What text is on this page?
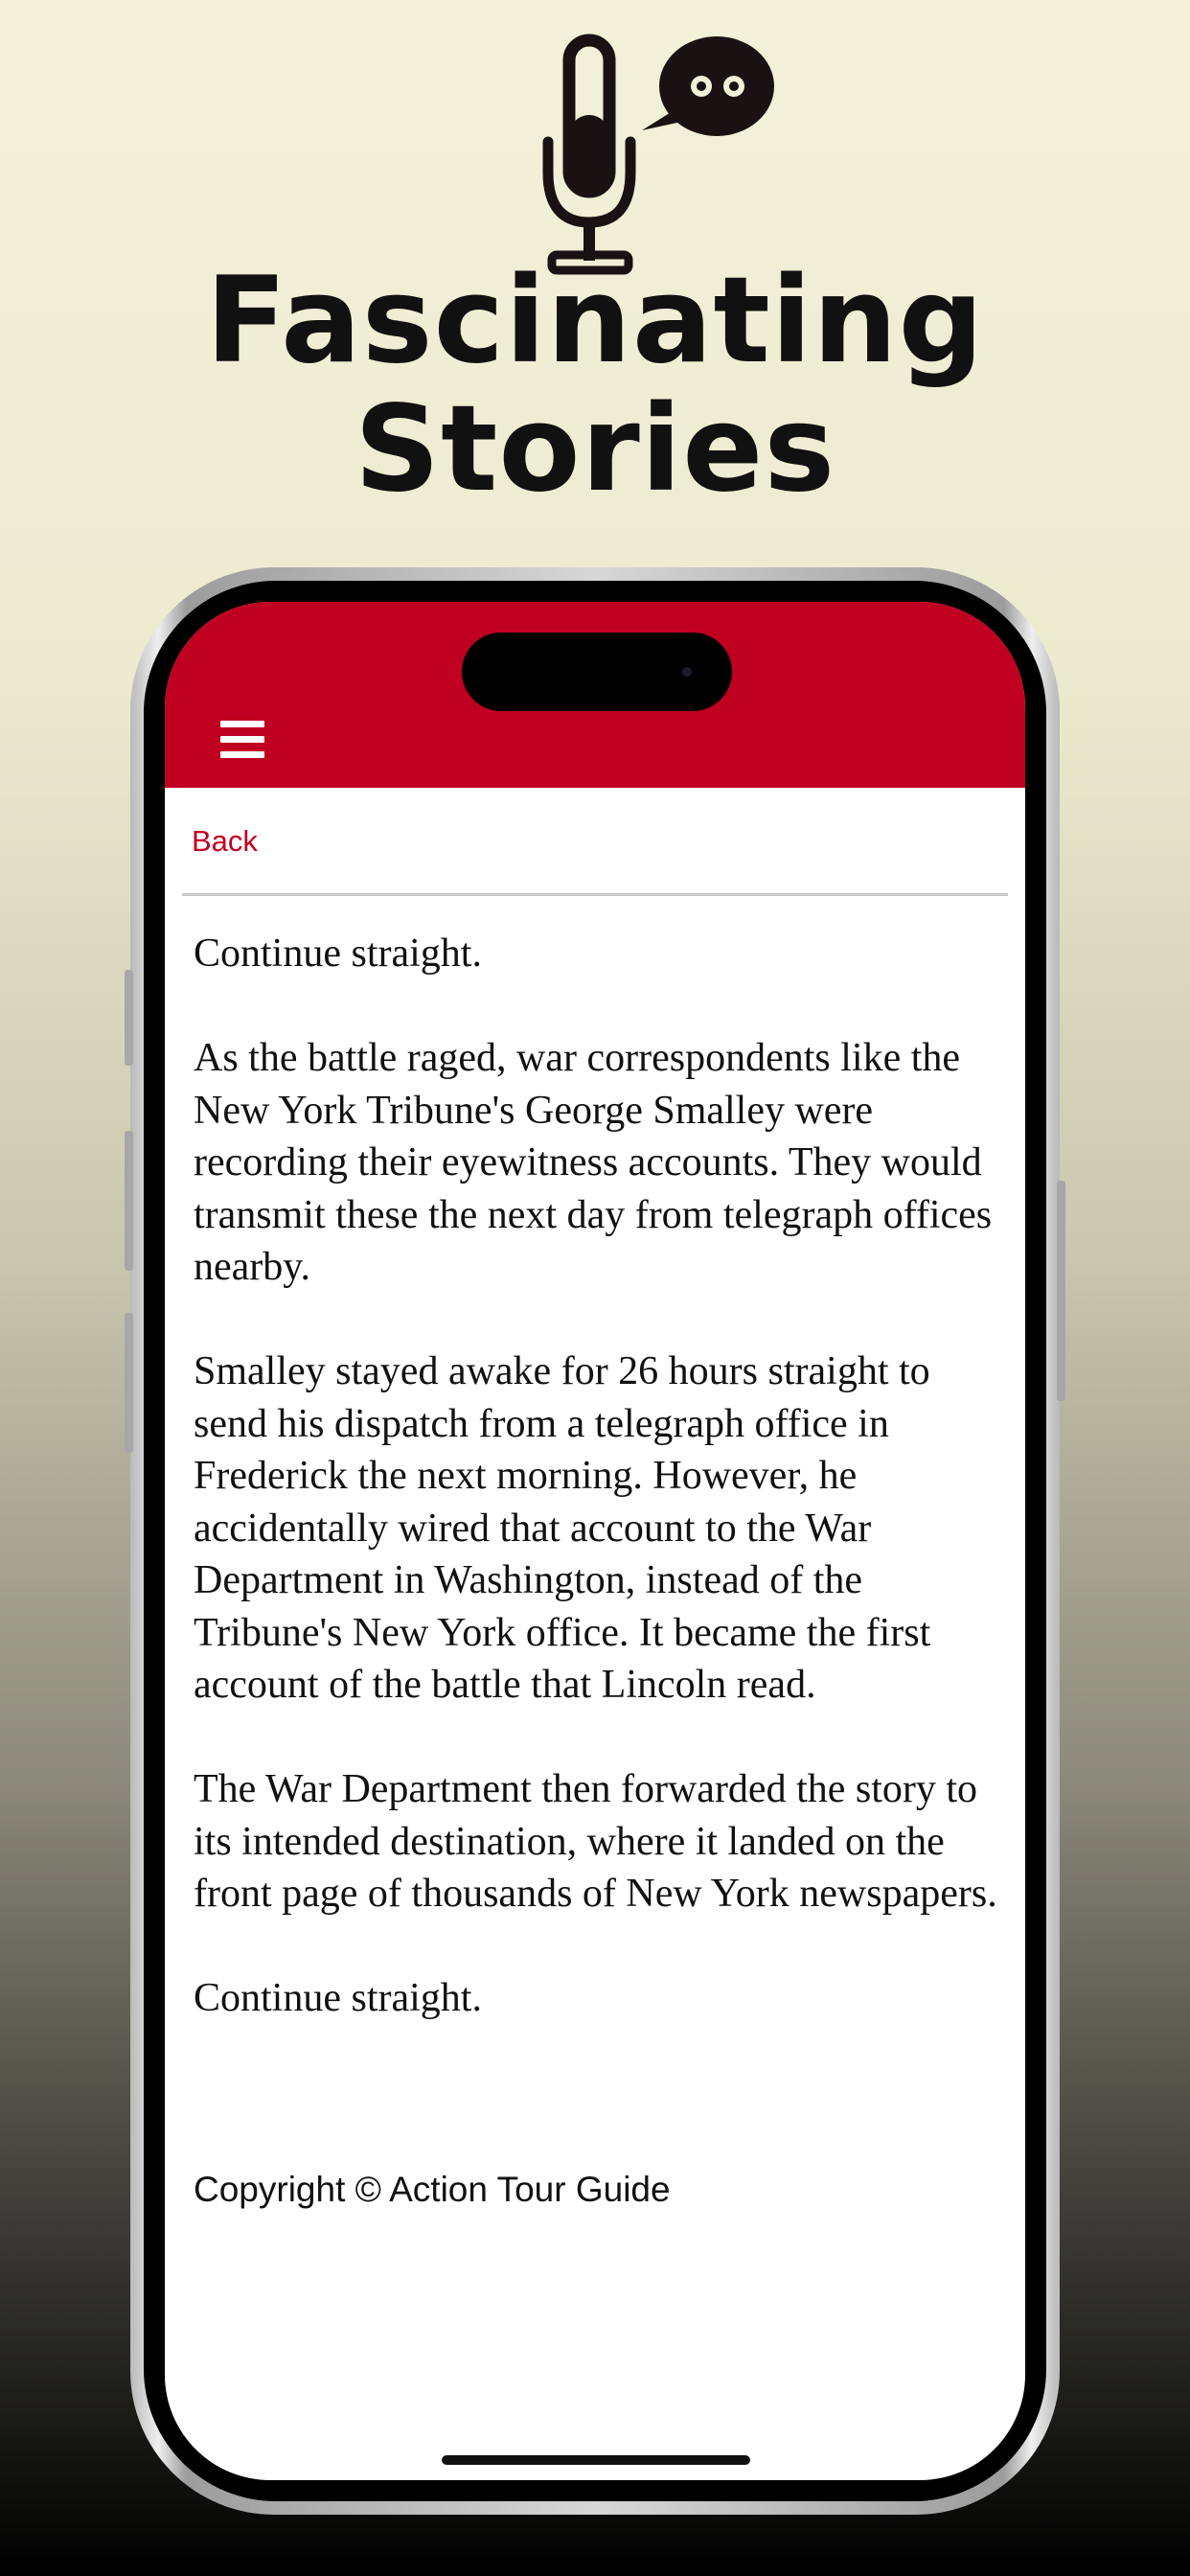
Fascinating
Stories
Back

Continue straight.

As the battle raged, war correspondents like the New York Tribune's George Smalley were recording their eyewitness accounts. They would transmit these the next day from telegraph offices nearby.

Smalley stayed awake for 26 hours straight to send his dispatch from a telegraph office in Frederick the next morning. However, he accidentally wired that account to the War Department in Washington, instead of the Tribune's New York office. It became the first account of the battle that Lincoln read.

The War Department then forwarded the story to its intended destination, where it landed on the front page of thousands of New York newspapers.

Continue straight.

Copyright © Action Tour Guide
